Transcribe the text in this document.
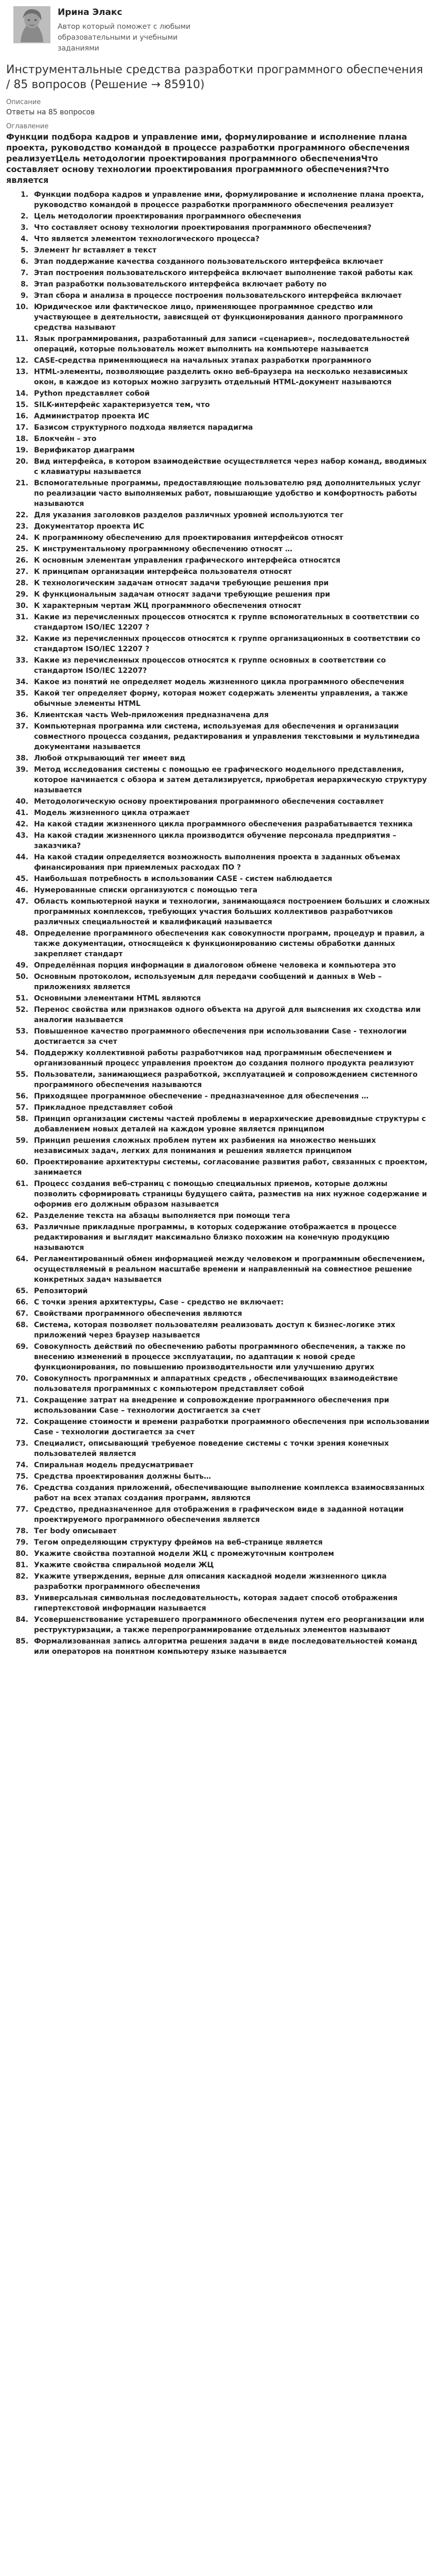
Ирина Элакс
Автор который поможет с любыми образовательными и учебными заданиями
Инструментальные средства разработки программного обеспечения / 85 вопросов (Решение → 85910)
Описание
Ответы на 85 вопросов
Оглавление
Функции подбора кадров и управление ими, формулирование и исполнение плана проекта, руководство командой в процессе разработки программного обеспечения реализуетЦель методологии проектирования программного обеспеченияЧто составляет основу технологии проектирования программного обеспечения?Что является
1. Функции подбора кадров и управление ими, формулирование и исполнение плана проекта, руководство командой в процессе разработки программного обеспечения реализует
2. Цель методологии проектирования программного обеспечения
3. Что составляет основу технологии проектирования программного обеспечения?
4. Что является элементом технологического процесса?
5. Элемент hr вставляет в текст
6. Этап поддержание качества созданного пользовательского интерфейса включает
7. Этап построения пользовательского интерфейса включает выполнение такой работы как
8. Этап разработки пользовательского интерфейса включает работу по
9. Этап сбора и анализа в процессе построения пользовательского интерфейса включает
10. Юридическое или фактическое лицо, применяющее программное средство или участвующее в деятельности, зависящей от функционирования данного программного средства называют
11. Язык программирования, разработанный для записи «сценариев», последовательностей операций, которые пользователь может выполнить на компьютере называется
12. CASE-средства применяющиеся на начальных этапах разработки программного
13. HTML-элементы, позволяющие разделить окно веб-браузера на несколько независимых окон, в каждое из которых можно загрузить отдельный HTML-документ называются
14. Python представляет собой
15. SILK-интерфейс характеризуется тем, что
16. Администратор проекта ИС
17. Базисом структурного подхода является парадигма
18. Блокчейн – это
19. Верификатор диаграмм
20. Вид интерфейса, в котором взаимодействие осуществляется через набор команд, вводимых с клавиатуры называется
21. Вспомогательные программы, предоставляющие пользователю ряд дополнительных услуг по реализации часто выполняемых работ, повышающие удобство и комфортность работы называются
22. Для указания заголовков разделов различных уровней используются тег
23. Документатор проекта ИС
24. К программному обеспечению для проектирования интерфейсов относят
25. К инструментальному программному обеспечению относят …
26. К основным элементам управления графического интерфейса относятся
27. К принципам организации интерфейса пользователя относят
28. К технологическим задачам относят задачи требующие решения при
29. К функциональным задачам относят задачи требующие решения при
30. К характерным чертам ЖЦ программного обеспечения относят
31. Какие из перечисленных процессов относятся к группе вспомогательных в соответствии со стандартом ISO/IEC 12207 ?
32. Какие из перечисленных процессов относятся к группе организационных в соответствии со стандартом ISO/IEC 12207 ?
33. Какие из перечисленных процессов относятся к группе основных в соответствии со стандартом ISO/IEC 12207?
34. Какое из понятий не определяет модель жизненного цикла программного обеспечения
35. Какой тег определяет форму, которая может содержать элементы управления, а также обычные элементы HTML
36. Клиентская часть Web-приложения предназначена для
37. Компьютерная программа или система, используемая для обеспечения и организации совместного процесса создания, редактирования и управления текстовыми и мультимедиа документами называется
38. Любой открывающий тег имеет вид
39. Метод исследования системы с помощью ее графического модельного представления, которое начинается с обзора и затем детализируется, приобретая иерархическую структуру называется
40. Методологическую основу проектирования программного обеспечения составляет
41. Модель жизненного цикла отражает
42. На какой стадии жизненного цикла программного обеспечения разрабатывается техника
43. На какой стадии жизненного цикла производится обучение персонала предприятия – заказчика?
44. На какой стадии определяется возможность выполнения проекта в заданных объемах финансирования при приемлемых расходах ПО ?
45. Наибольшая потребность в использовании CASE - систем наблюдается
46. Нумерованные списки организуются с помощью тега
47. Область компьютерной науки и технологии, занимающаяся построением больших и сложных программных комплексов, требующих участия больших коллективов разработчиков различных специальностей и квалификаций называется
48. Определение программного обеспечения как совокупности программ, процедур и правил, а также документации, относящейся к функционированию системы обработки данных закрепляет стандарт
49. Определённая порция информации в диалоговом обмене человека и компьютера это
50. Основным протоколом, используемым для передачи сообщений и данных в Web – приложениях является
51. Основными элементами HTML являются
52. Перенос свойства или признаков одного объекта на другой для выяснения их сходства или аналогии называется
53. Повышенное качество программного обеспечения при использовании Case - технологии достигается за счет
54. Поддержку коллективной работы разработчиков над программным обеспечением и организованный процесс управления проектом до создания полного продукта реализуют
55. Пользователи, занимающиеся разработкой, эксплуатацией и сопровождением системного программного обеспечения называются
56. Приходящее программное обеспечение - предназначенное для обеспечения …
57. Прикладное представляет собой
58. Принцип организации системы частей проблемы в иерархические древовидные структуры с добавлением новых деталей на каждом уровне является принципом
59. Принцип решения сложных проблем путем их разбиения на множество меньших независимых задач, легких для понимания и решения является принципом
60. Проектирование архитектуры системы, согласование развития работ, связанных с проектом, занимается
61. Процесс создания веб-страниц с помощью специальных приемов, которые должны позволить сформировать страницы будущего сайта, разместив на них нужное содержание и оформив его должным образом называется
62. Разделение текста на абзацы выполняется при помощи тега
63. Различные прикладные программы, в которых содержание отображается в процессе редактирования и выглядит максимально близко похожим на конечную продукцию называются
64. Регламентированный обмен информацией между человеком и программным обеспечением, осуществляемый в реальном масштабе времени и направленный на совместное решение конкретных задач называется
65. Репозиторий
66. С точки зрения архитектуры, Case – средство не включает:
67. Свойствами программного обеспечения являются
68. Система, которая позволяет пользователям реализовать доступ к бизнес-логике этих приложений через браузер называется
69. Совокупность действий по обеспечению работы программного обеспечения, а также по внесению изменений в процессе эксплуатации, по адаптации к новой среде функционирования, по повышению производительности или улучшению других
70. Совокупность программных и аппаратных средств , обеспечивающих взаимодействие пользователя программных с компьютером представляет собой
71. Сокращение затрат на внедрение и сопровождение программного обеспечения при использовании Case – технологии достигается за счет
72. Сокращение стоимости и времени разработки программного обеспечения при использовании Case - технологии достигается за счет
73. Специалист, описывающий требуемое поведение системы с точки зрения конечных пользователей является
74. Спиральная модель предусматривает
75. Средства проектирования должны быть…
76. Средства создания приложений, обеспечивающие выполнение комплекса взаимосвязанных работ на всех этапах создания программ, являются
77. Средство, предназначенное для отображения в графическом виде в заданной нотации проектируемого программного обеспечения является
78. Тег body описывает
79. Тегом определяющим структуру фреймов на веб-странице является
80. Укажите свойства поэтапной модели ЖЦ с промежуточным контролем
81. Укажите свойства спиральной модели ЖЦ
82. Укажите утверждения, верные для описания каскадной модели жизненного цикла разработки программного обеспечения
83. Универсальная символьная последовательность, которая задает способ отображения гипертекстовой информации называется
84. Усовершенствование устаревшего программного обеспечения путем его реорганизации или реструктуризации, а также перепрограммирование отдельных элементов называют
85. Формализованная запись алгоритма решения задачи в виде последовательностей команд или операторов на понятном компьютеру языке называется
